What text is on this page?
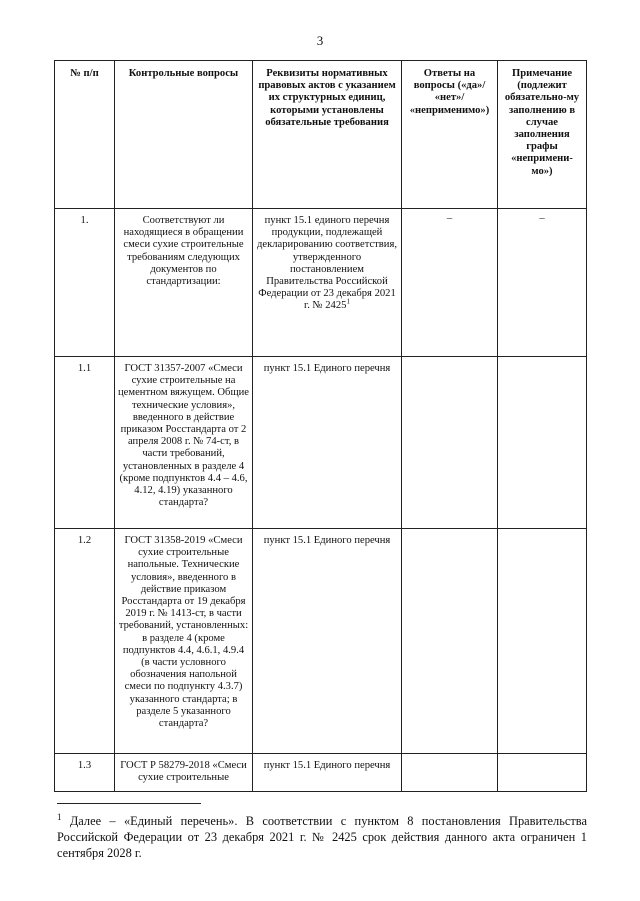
3
№ п/п	Контрольные вопросы	Реквизиты нормативных правовых актов с указанием их структурных единиц, которыми установлены обязательные требования	Ответы на вопросы («да»/ «нет»/ «неприменимо»)	Примечание (подлежит обязательно-му заполнению в случае заполнения графы «непримени-мо»)
1.	Соответствуют ли находящиеся в обращении смеси сухие строительные требованиям следующих документов по стандартизации:	пункт 15.1 единого перечня продукции, подлежащей декларированию соответствия, утвержденного постановлением Правительства Российской Федерации от 23 декабря 2021 г. № 2425$^1$	–	–

1.1	ГОСТ 31357-2007 «Смеси сухие строительные на цементном вяжущем. Общие технические условия», введенного в действие приказом Росстандарта от 2 апреля 2008 г. № 74-ст, в части требований, установленных в разделе 4 (кроме подпунктов 4.4 – 4.6, 4.12, 4.19) указанного стандарта?	пункт 15.1 Единого перечня		
1.2	ГОСТ 31358-2019 «Смеси сухие строительные напольные. Технические условия», введенного в действие приказом Росстандарта от 19 декабря 2019 г. № 1413-ст, в части требований, установленных: в разделе 4 (кроме подпунктов 4.4, 4.6.1, 4.9.4 (в части условного обозначения напольной смеси по подпункту 4.3.7) указанного стандарта; в разделе 5 указанного стандарта?	пункт 15.1 Единого перечня		
1.3	ГОСТ Р 58279-2018 «Смеси сухие строительные	пункт 15.1 Единого перечня		
$^1$ Далее – «Единый перечень». В соответствии с пунктом 8 постановления Правительства Российской Федерации от 23 декабря 2021 г. № 2425 срок действия данного акта ограничен 1 сентября 2028 г.
